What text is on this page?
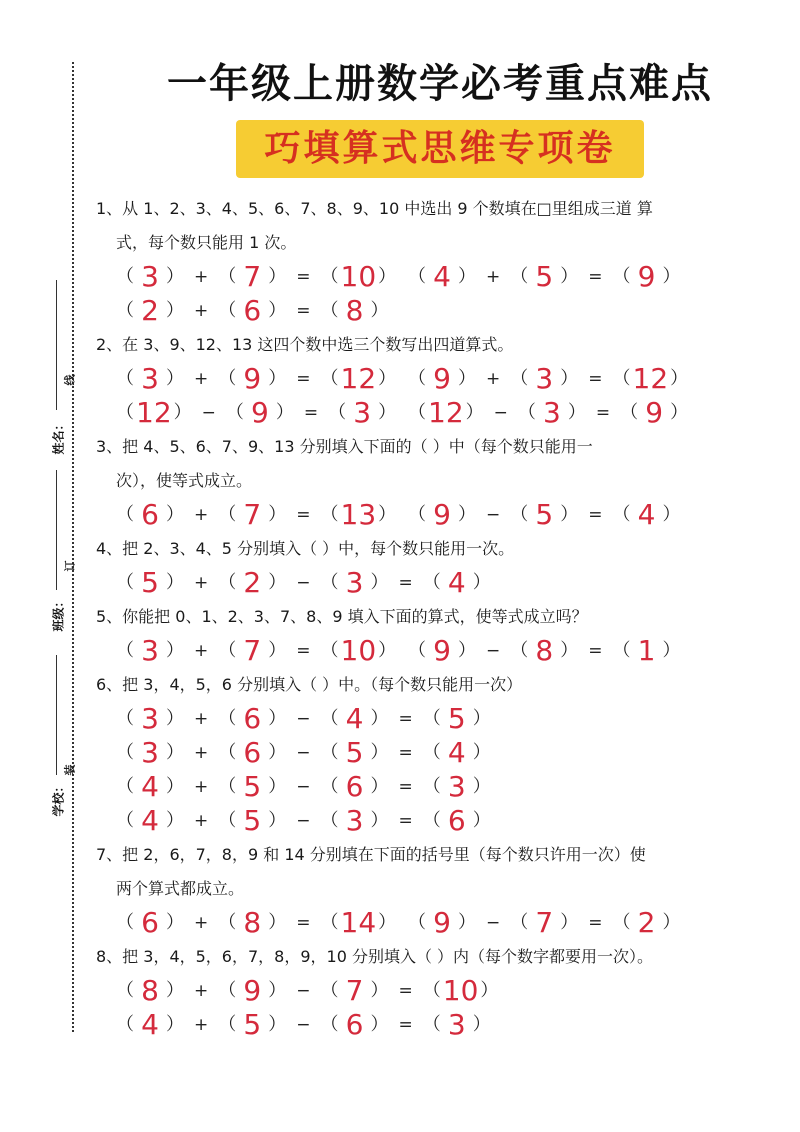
姓名：
线
班级：
订
学校：
装
一年级上册数学必考重点难点
巧填算式思维专项卷
1、从 1、2、3、4、5、6、7、8、9、10 中选出 9 个数填在□里组成三道 算
式，每个数只能用 1 次。
（ 3 ） + （ 7 ） = （ 10 ） （ 4 ） + （ 5 ） = （ 9 ）
（ 2 ） + （ 6 ） = （ 8 ）
2、在 3、9、12、13 这四个数中选三个数写出四道算式。
（ 3 ） + （ 9 ） = （ 12 ） （ 9 ） + （ 3 ） = （ 12 ）
（ 12 ） − （ 9 ） = （ 3 ） （ 12 ） − （ 3 ） = （ 9 ）
3、把 4、5、6、7、9、13 分别填入下面的（ ）中（每个数只能用一
次），使等式成立。
（ 6 ） + （ 7 ） = （ 13 ） （ 9 ） − （ 5 ） = （ 4 ）
4、把 2、3、4、5 分别填入（ ）中，每个数只能用一次。
（ 5 ） + （ 2 ） − （ 3 ） = （ 4 ）
5、你能把 0、1、2、3、7、8、9 填入下面的算式，使等式成立吗？
（ 3 ） + （ 7 ） = （ 10 ） （ 9 ） − （ 8 ） = （ 1 ）
6、把 3，4，5，6 分别填入（ ）中。（每个数只能用一次）
（ 3 ） + （ 6 ） − （ 4 ） = （ 5 ）
（ 3 ） + （ 6 ） − （ 5 ） = （ 4 ）
（ 4 ） + （ 5 ） − （ 6 ） = （ 3 ）
（ 4 ） + （ 5 ） − （ 3 ） = （ 6 ）
7、把 2，6，7，8，9 和 14 分别填在下面的括号里（每个数只许用一次）使
两个算式都成立。
（ 6 ） + （ 8 ） = （ 14 ） （ 9 ） − （ 7 ） = （ 2 ）
8、把 3，4，5，6，7，8，9，10 分别填入（ ）内（每个数字都要用一次）。
（ 8 ） + （ 9 ） − （ 7 ） = （ 10 ）
（ 4 ） + （ 5 ） − （ 6 ） = （ 3 ）
